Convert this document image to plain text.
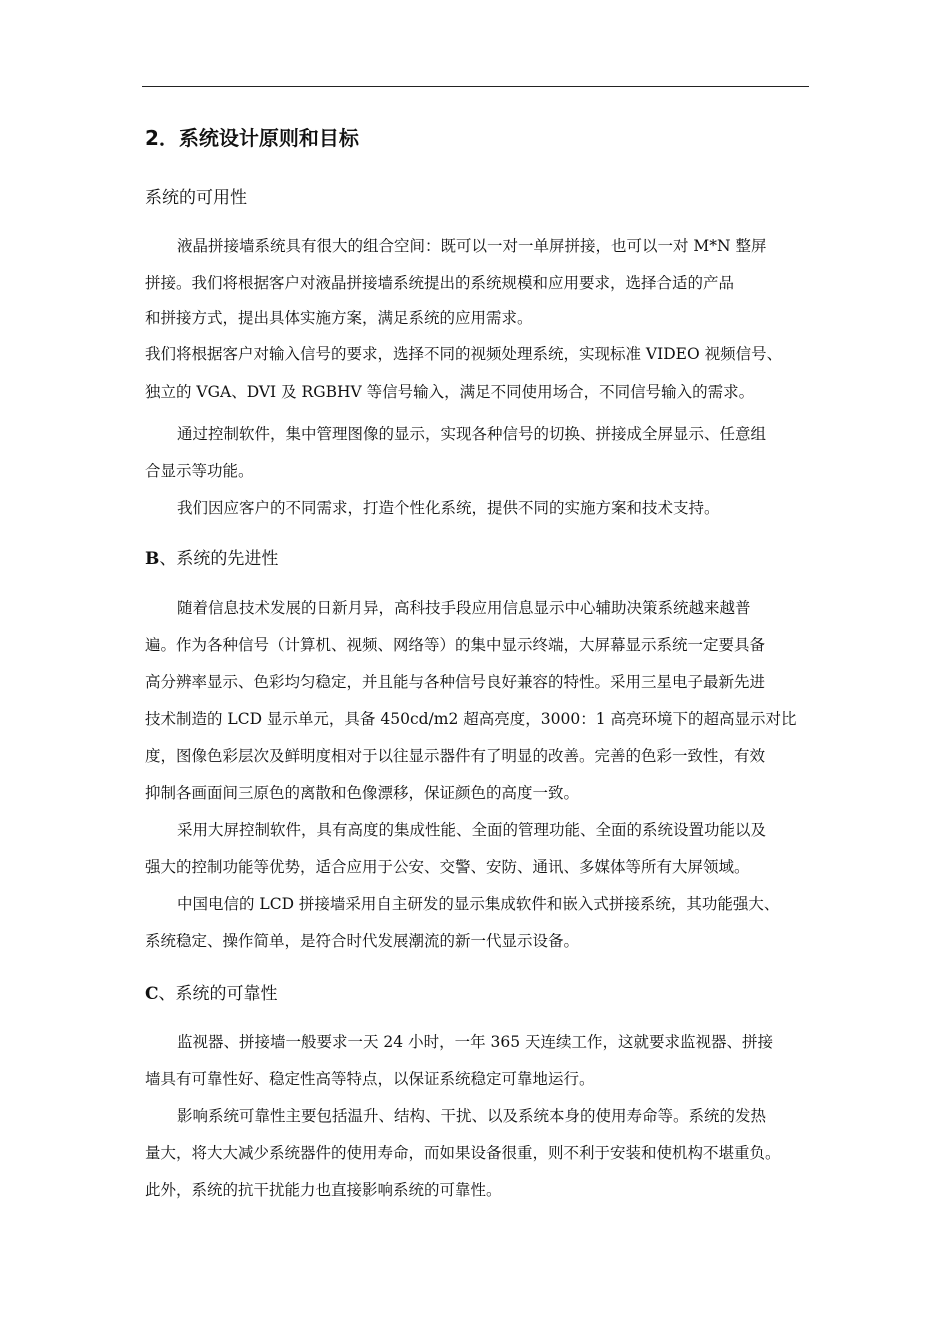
2．系统设计原则和目标
系统的可用性
液晶拼接墙系统具有很大的组合空间：既可以一对一单屏拼接，也可以一对 M*N 整屏
拼接。我们将根据客户对液晶拼接墙系统提出的系统规模和应用要求，选择合适的产品
和拼接方式，提出具体实施方案，满足系统的应用需求。
我们将根据客户对输入信号的要求，选择不同的视频处理系统，实现标准 VIDEO 视频信号、
独立的 VGA、DVI 及 RGBHV 等信号输入，满足不同使用场合，不同信号输入的需求。
通过控制软件，集中管理图像的显示，实现各种信号的切换、拼接成全屏显示、任意组
合显示等功能。
我们因应客户的不同需求，打造个性化系统，提供不同的实施方案和技术支持。
B、系统的先进性
随着信息技术发展的日新月异，高科技手段应用信息显示中心辅助决策系统越来越普
遍。作为各种信号（计算机、视频、网络等）的集中显示终端，大屏幕显示系统一定要具备
高分辨率显示、色彩均匀稳定，并且能与各种信号良好兼容的特性。采用三星电子最新先进
技术制造的 LCD 显示单元，具备 450cd/m2 超高亮度，3000：1 高亮环境下的超高显示对比
度，图像色彩层次及鲜明度相对于以往显示器件有了明显的改善。完善的色彩一致性，有效
抑制各画面间三原色的离散和色像漂移，保证颜色的高度一致。
采用大屏控制软件，具有高度的集成性能、全面的管理功能、全面的系统设置功能以及
强大的控制功能等优势，适合应用于公安、交警、安防、通讯、多媒体等所有大屏领域。
中国电信的 LCD 拼接墙采用自主研发的显示集成软件和嵌入式拼接系统，其功能强大、
系统稳定、操作简单，是符合时代发展潮流的新一代显示设备。
C、系统的可靠性
监视器、拼接墙一般要求一天 24 小时，一年 365 天连续工作，这就要求监视器、拼接
墙具有可靠性好、稳定性高等特点，以保证系统稳定可靠地运行。
影响系统可靠性主要包括温升、结构、干扰、以及系统本身的使用寿命等。系统的发热
量大，将大大减少系统器件的使用寿命，而如果设备很重，则不利于安装和使机构不堪重负。
此外，系统的抗干扰能力也直接影响系统的可靠性。
